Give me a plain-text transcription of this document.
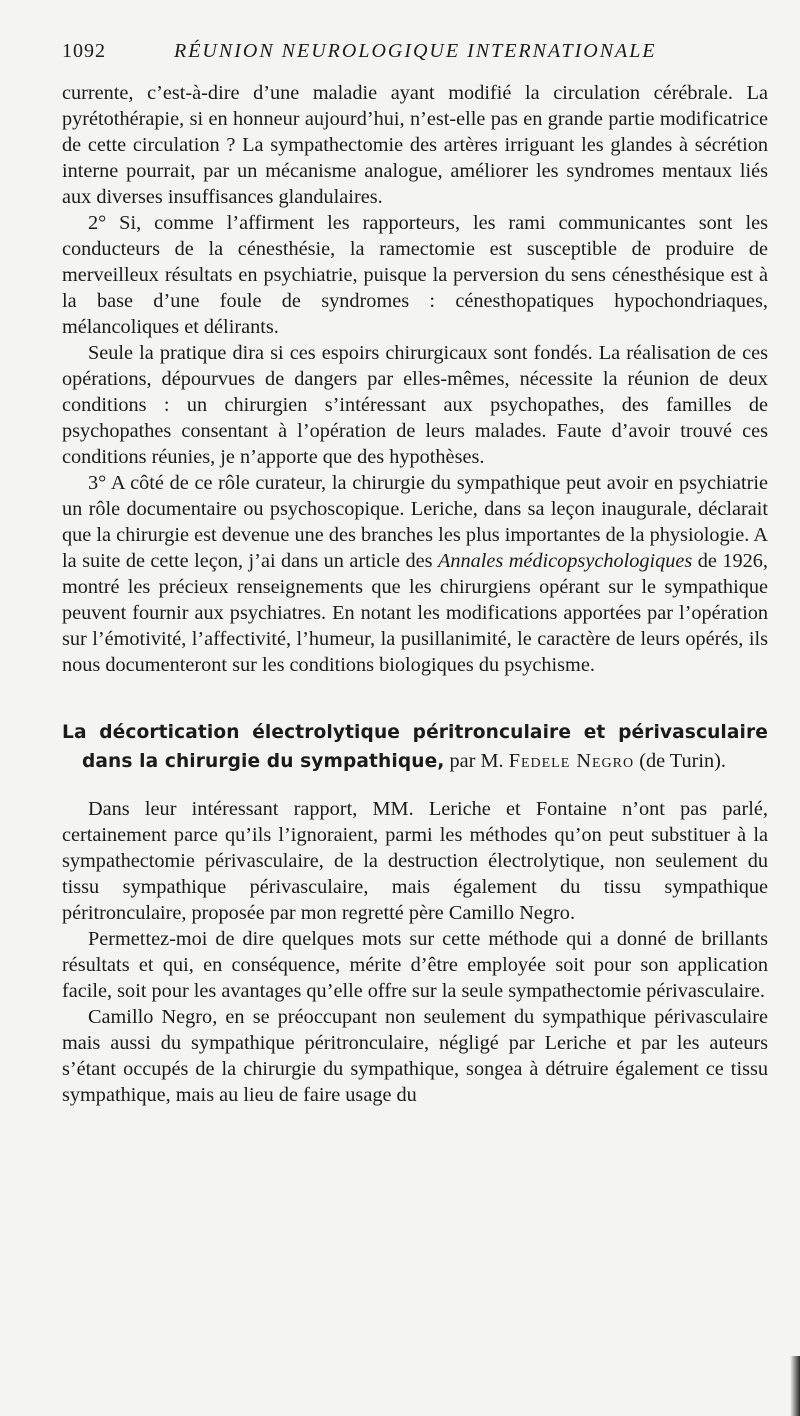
1092	RÉUNION NEUROLOGIQUE INTERNATIONALE

currente, c’est-à-dire d’une maladie ayant modifié la circulation cérébrale. La pyrétothérapie, si en honneur aujourd’hui, n’est-elle pas en grande partie modificatrice de cette circulation ? La sympathectomie des artères irriguant les glandes à sécrétion interne pourrait, par un mécanisme analogue, améliorer les syndromes mentaux liés aux diverses insuffisances glandulaires.

2° Si, comme l’affirment les rapporteurs, les rami communicantes sont les conducteurs de la cénesthésie, la ramectomie est susceptible de produire de merveilleux résultats en psychiatrie, puisque la perversion du sens cénesthésique est à la base d’une foule de syndromes : cénesthopatiques hypochondriaques, mélancoliques et délirants.

Seule la pratique dira si ces espoirs chirurgicaux sont fondés. La réalisation de ces opérations, dépourvues de dangers par elles-mêmes, nécessite la réunion de deux conditions : un chirurgien s’intéressant aux psychopathes, des familles de psychopathes consentant à l’opération de leurs malades. Faute d’avoir trouvé ces conditions réunies, je n’apporte que des hypothèses.

3° A côté de ce rôle curateur, la chirurgie du sympathique peut avoir en psychiatrie un rôle documentaire ou psychoscopique. Leriche, dans sa leçon inaugurale, déclarait que la chirurgie est devenue une des branches les plus importantes de la physiologie. A la suite de cette leçon, j’ai dans un article des Annales médicopsychologiques de 1926, montré les précieux renseignements que les chirurgiens opérant sur le sympathique peuvent fournir aux psychiatres. En notant les modifications apportées par l’opération sur l’émotivité, l’affectivité, l’humeur, la pusillanimité, le caractère de leurs opérés, ils nous documenteront sur les conditions biologiques du psychisme.

La décortication électrolytique péritronculaire et périvasculaire dans la chirurgie du sympathique, par M. Fedele Negro (de Turin).

Dans leur intéressant rapport, MM. Leriche et Fontaine n’ont pas parlé, certainement parce qu’ils l’ignoraient, parmi les méthodes qu’on peut substituer à la sympathectomie périvasculaire, de la destruction électrolytique, non seulement du tissu sympathique périvasculaire, mais également du tissu sympathique péritronculaire, proposée par mon regretté père Camillo Negro.

Permettez-moi de dire quelques mots sur cette méthode qui a donné de brillants résultats et qui, en conséquence, mérite d’être employée soit pour son application facile, soit pour les avantages qu’elle offre sur la seule sympathectomie périvasculaire.

Camillo Negro, en se préoccupant non seulement du sympathique périvasculaire mais aussi du sympathique péritronculaire, négligé par Leriche et par les auteurs s’étant occupés de la chirurgie du sympathique, songea à détruire également ce tissu sympathique, mais au lieu de faire usage du
